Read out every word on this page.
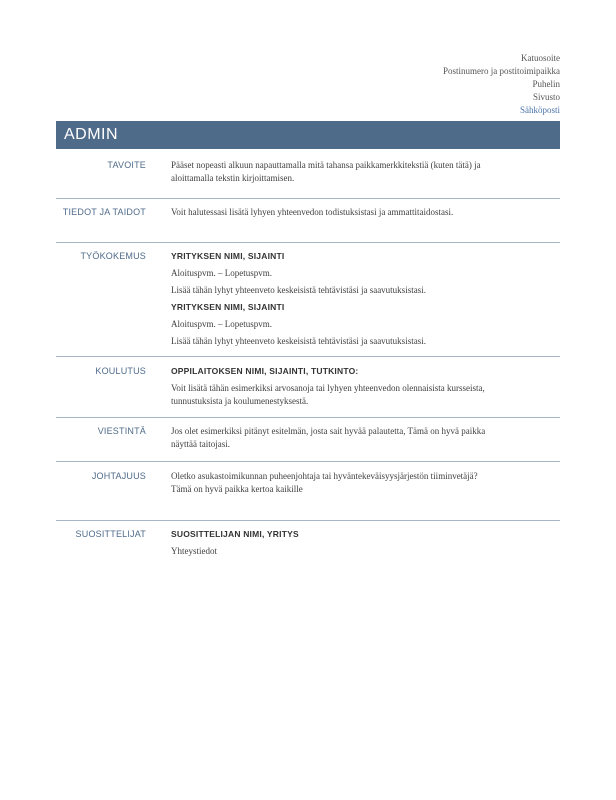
Katuosoite
Postinumero ja postitoimipaikka
Puhelin
Sivusto
Sähköposti
ADMIN
TAVOITE	Pääset nopeasti alkuun napauttamalla mitä tahansa paikkamerkkitekstiä (kuten tätä) ja aloittamalla tekstin kirjoittamisen.
TIEDOT JA TAIDOT	Voit halutessasi lisätä lyhyen yhteenvedon todistuksistasi ja ammattitaidostasi.
TYÖKOKEMUS	YRITYKSEN NIMI, SIJAINTI
Aloituspvm. – Lopetuspvm.
Lisää tähän lyhyt yhteenveto keskeisistä tehtävistäsi ja saavutuksistasi.
YRITYKSEN NIMI, SIJAINTI
Aloituspvm. – Lopetuspvm.
Lisää tähän lyhyt yhteenveto keskeisistä tehtävistäsi ja saavutuksistasi.
KOULUTUS	OPPILAITOKSEN NIMI, SIJAINTI, TUTKINTO:
Voit lisätä tähän esimerkiksi arvosanoja tai lyhyen yhteenvedon olennaisista kursseista, tunnustuksista ja koulumenestyksestä.
VIESTINTÄ	Jos olet esimerkiksi pitänyt esitelmän, josta sait hyvää palautetta, Tämä on hyvä paikka näyttää taitojasi.
JOHTAJUUS	Oletko asukastoimikunnan puheenjohtaja tai hyväntekeväisyysjärjestön tiiminvetäjä? Tämä on hyvä paikka kertoa kaikille
SUOSITTELIJAT	SUOSITTELIJAN NIMI, YRITYS
Yhteystiedot
